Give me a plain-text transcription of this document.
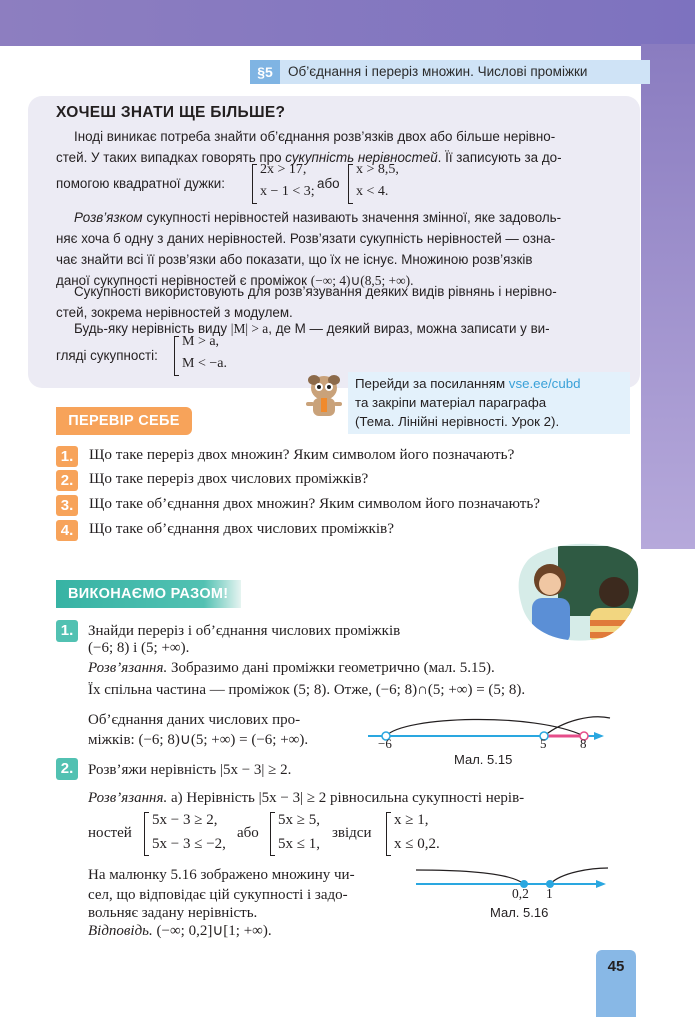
§5	Об’єднання і переріз множин. Числові проміжки
ХОЧЕШ ЗНАТИ ЩЕ БІЛЬШЕ?
Іноді виникає потреба знайти об’єднання розв’язків двох або більше нерівно-
стей. У таких випадках говорять про сукупність нерівностей. Її записують за до-
помогою квадратної дужки:
2x > 17,
x − 1 < 3;
або
x > 8,5,
x < 4.
Розв’язком сукупності нерівностей називають значення змінної, яке задоволь-
няє хоча б одну з даних нерівностей. Розв’язати сукупність нерівностей — озна-
чає знайти всі її розв’язки або показати, що їх не існує. Множиною розв’язків
даної сукупності нерівностей є проміжок (−∞; 4)∪(8,5; +∞).
Сукупності використовують для розв’язування деяких видів рівнянь і нерівно-
стей, зокрема нерівностей з модулем.
Будь-яку нерівність виду |M| > a, де M — деякий вираз, можна записати у ви-
гляді сукупності:
M > a,
M < −a.
Перейди за посиланням vse.ee/cubd
та закріпи матеріал параграфа
(Тема. Лінійні нерівності. Урок 2).
ПЕРЕВІР СЕБЕ
1.	Що таке переріз двох множин? Яким символом його позначають?
2.	Що таке переріз двох числових проміжків?
3.	Що таке об’єднання двох множин? Яким символом його позначають?
4.	Що таке об’єднання двох числових проміжків?
ВИКОНАЄМО РАЗОМ!
1. Знайди переріз і об’єднання числових проміжків
(−6; 8) і (5; +∞).
Розв’язання. Зобразимо дані проміжки геометрично (мал. 5.15).
Їх спільна частина — проміжок (5; 8). Отже, (−6; 8)∩(5; +∞) = (5; 8).
Об’єднання даних числових про-
міжків: (−6; 8)∪(5; +∞) = (−6; +∞).	−6	5	8
Мал. 5.15
2. Розв’яжи нерівність |5x − 3| ≥ 2.
Розв’язання. а) Нерівність |5x − 3| ≥ 2 рівносильна сукупності нерів-
ностей
5x − 3 ≥ 2,
5x − 3 ≤ −2,
або
5x ≥ 5,
5x ≤ 1,
звідси
x ≥ 1,
x ≤ 0,2.
На малюнку 5.16 зображено множину чи-
сел, що відповідає цій сукупності і задо-
вольняє задану нерівність.
Відповідь. (−∞; 0,2]∪[1; +∞).
0,2 1
Мал. 5.16
45
